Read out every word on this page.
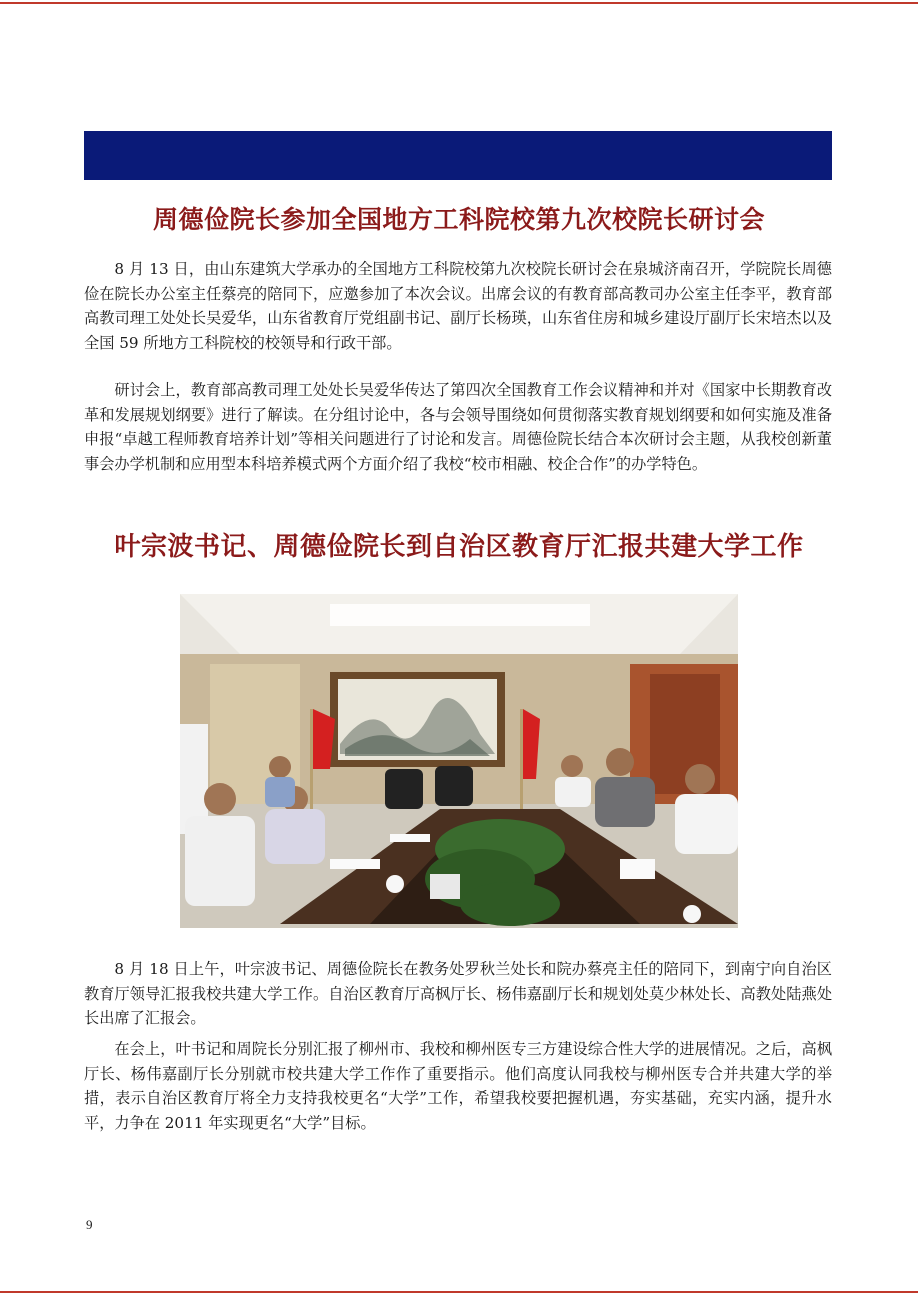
周德俭院长参加全国地方工科院校第九次校院长研讨会

8 月 13 日，由山东建筑大学承办的全国地方工科院校第九次校院长研讨会在泉城济南召开，学院院长周德俭在院长办公室主任蔡亮的陪同下，应邀参加了本次会议。出席会议的有教育部高教司办公室主任李平，教育部高教司理工处处长吴爱华，山东省教育厅党组副书记、副厅长杨瑛，山东省住房和城乡建设厅副厅长宋培杰以及全国 59 所地方工科院校的校领导和行政干部。

研讨会上，教育部高教司理工处处长吴爱华传达了第四次全国教育工作会议精神和并对《国家中长期教育改革和发展规划纲要》进行了解读。在分组讨论中，各与会领导围绕如何贯彻落实教育规划纲要和如何实施及准备申报“卓越工程师教育培养计划”等相关问题进行了讨论和发言。周德俭院长结合本次研讨会主题，从我校创新董事会办学机制和应用型本科培养模式两个方面介绍了我校“校市相融、校企合作”的办学特色。

叶宗波书记、周德俭院长到自治区教育厅汇报共建大学工作

8 月 18 日上午，叶宗波书记、周德俭院长在教务处罗秋兰处长和院办蔡亮主任的陪同下，到南宁向自治区教育厅领导汇报我校共建大学工作。自治区教育厅高枫厅长、杨伟嘉副厅长和规划处莫少林处长、高教处陆燕处长出席了汇报会。

在会上，叶书记和周院长分别汇报了柳州市、我校和柳州医专三方建设综合性大学的进展情况。之后，高枫厅长、杨伟嘉副厅长分别就市校共建大学工作作了重要指示。他们高度认同我校与柳州医专合并共建大学的举措，表示自治区教育厅将全力支持我校更名“大学”工作，希望我校要把握机遇，夯实基础，充实内涵，提升水平，力争在 2011 年实现更名“大学”目标。

9
